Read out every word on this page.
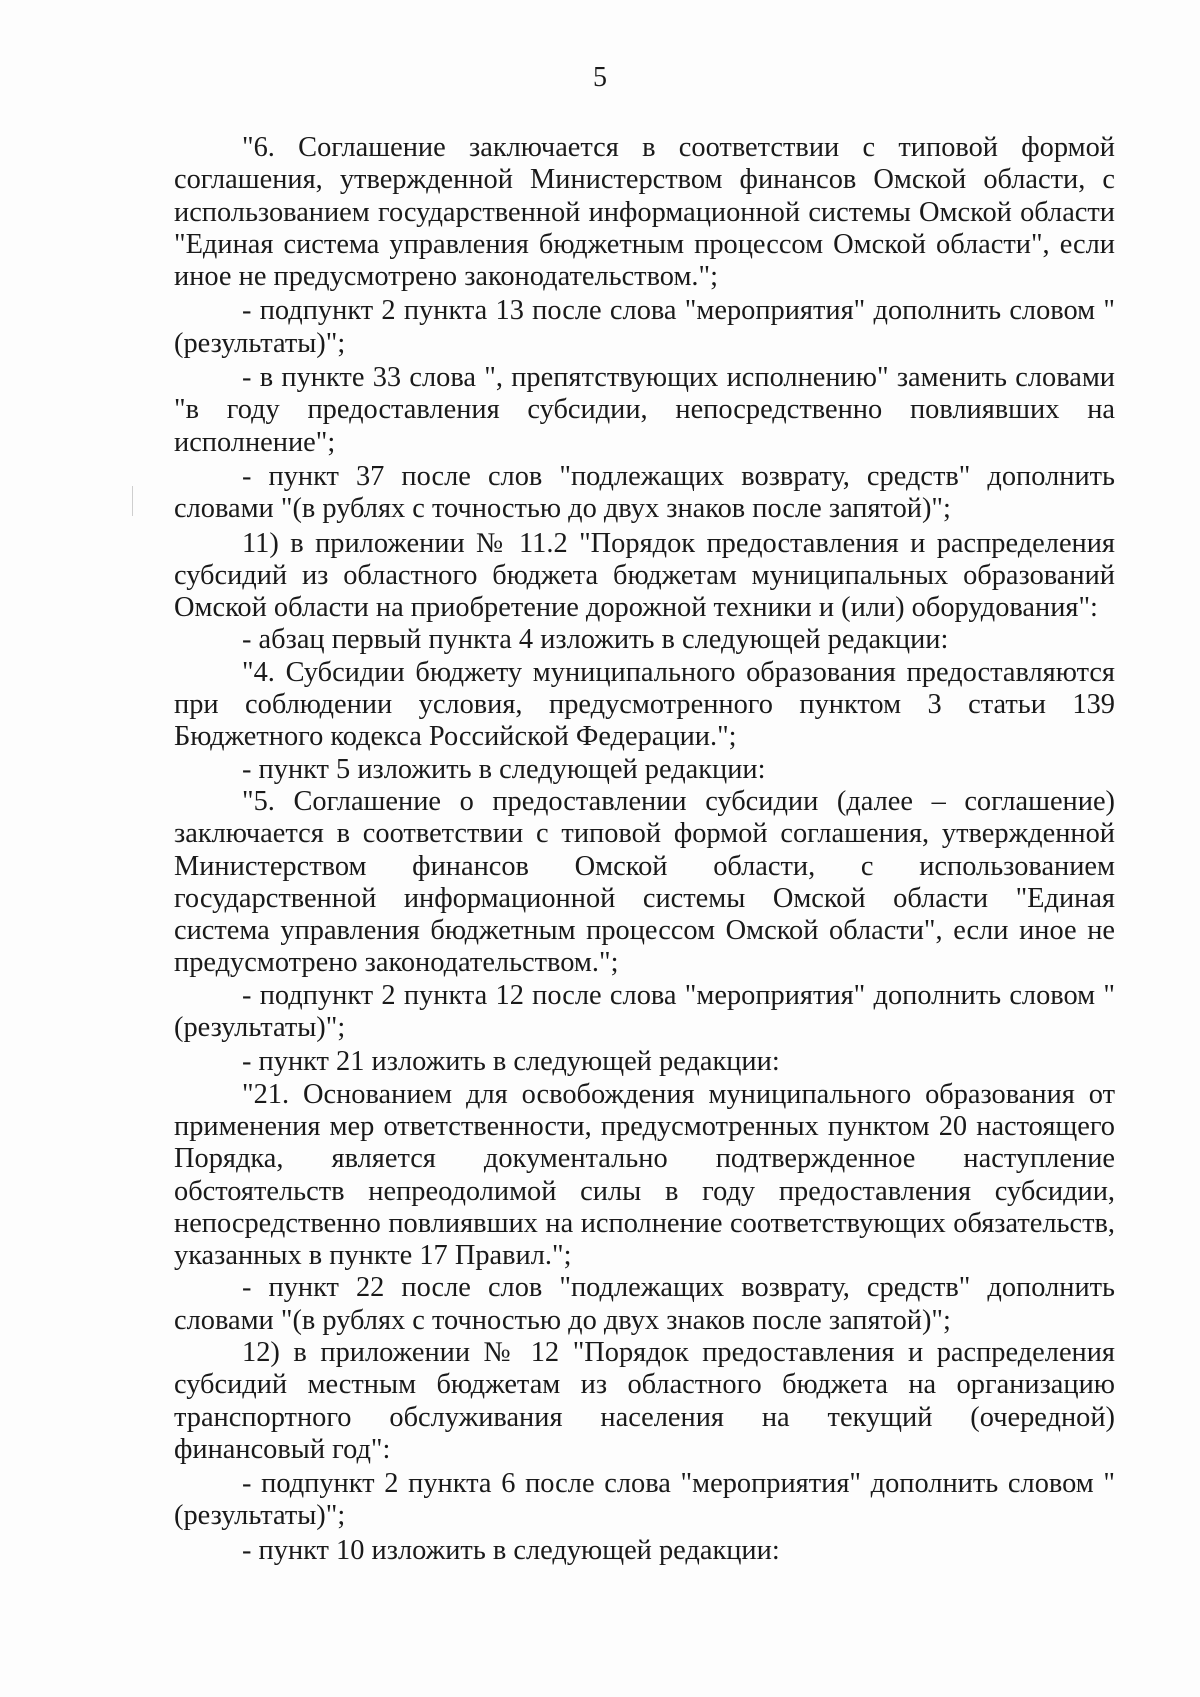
5

"6. Соглашение заключается в соответствии с типовой формой соглашения, утвержденной Министерством финансов Омской области, с использованием государственной информационной системы Омской области "Единая система управления бюджетным процессом Омской области", если иное не предусмотрено законодательством.";

- подпункт 2 пункта 13 после слова "мероприятия" дополнить словом "(результаты)";

- в пункте 33 слова ", препятствующих исполнению" заменить словами "в году предоставления субсидии, непосредственно повлиявших на исполнение";

- пункт 37 после слов "подлежащих возврату, средств" дополнить словами "(в рублях с точностью до двух знаков после запятой)";

11) в приложении № 11.2 "Порядок предоставления и распределения субсидий из областного бюджета бюджетам муниципальных образований Омской области на приобретение дорожной техники и (или) оборудования":

- абзац первый пункта 4 изложить в следующей редакции:

"4. Субсидии бюджету муниципального образования предоставляются при соблюдении условия, предусмотренного пунктом 3 статьи 139 Бюджетного кодекса Российской Федерации.";

- пункт 5 изложить в следующей редакции:

"5. Соглашение о предоставлении субсидии (далее – соглашение) заключается в соответствии с типовой формой соглашения, утвержденной Министерством финансов Омской области, с использованием государственной информационной системы Омской области "Единая система управления бюджетным процессом Омской области", если иное не предусмотрено законодательством.";

- подпункт 2 пункта 12 после слова "мероприятия" дополнить словом "(результаты)";

- пункт 21 изложить в следующей редакции:

"21. Основанием для освобождения муниципального образования от применения мер ответственности, предусмотренных пунктом 20 настоящего Порядка, является документально подтвержденное наступление обстоятельств непреодолимой силы в году предоставления субсидии, непосредственно повлиявших на исполнение соответствующих обязательств, указанных в пункте 17 Правил.";

- пункт 22 после слов "подлежащих возврату, средств" дополнить словами "(в рублях с точностью до двух знаков после запятой)";

12) в приложении № 12 "Порядок предоставления и распределения субсидий местным бюджетам из областного бюджета на организацию транспортного обслуживания населения на текущий (очередной) финансовый год":

- подпункт 2 пункта 6 после слова "мероприятия" дополнить словом "(результаты)";

- пункт 10 изложить в следующей редакции:
